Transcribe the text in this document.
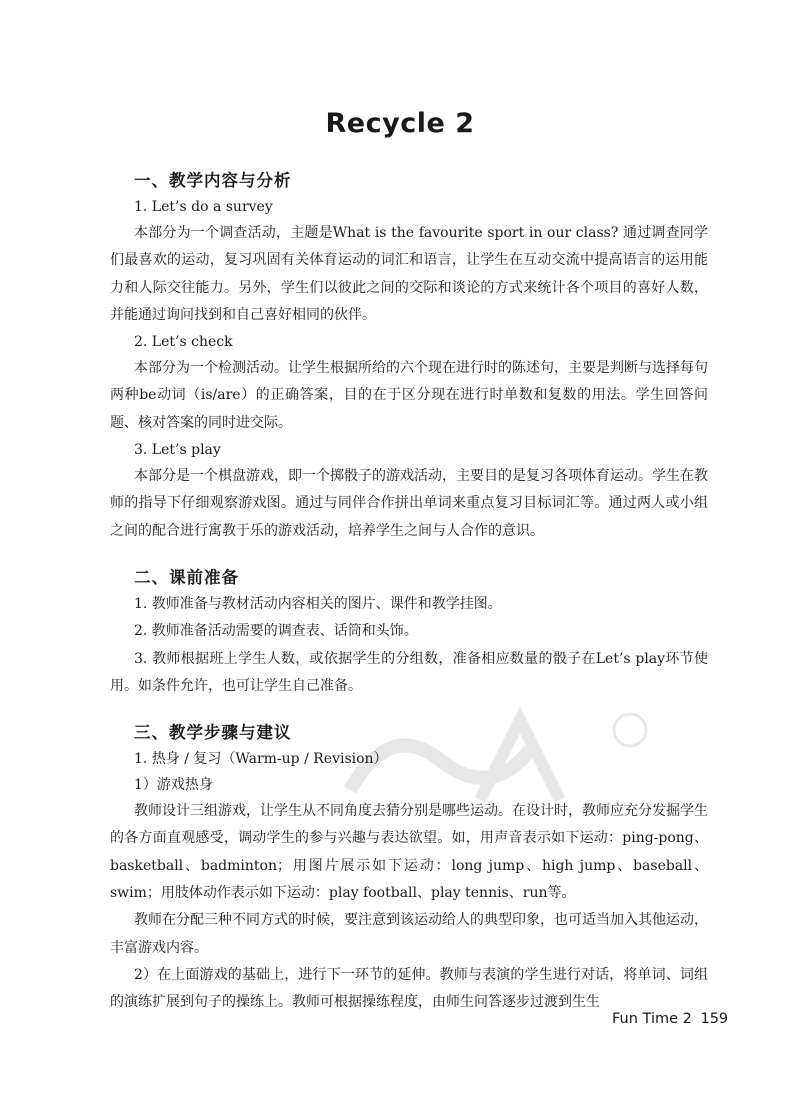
Recycle 2
一、教学内容与分析
1. Let’s do a survey

本部分为一个调查活动，主题是What is the favourite sport in our class? 通过调查同学们最喜欢的运动，复习巩固有关体育运动的词汇和语言，让学生在互动交流中提高语言的运用能力和人际交往能力。另外，学生们以彼此之间的交际和谈论的方式来统计各个项目的喜好人数，并能通过询问找到和自己喜好相同的伙伴。

2. Let’s check

本部分为一个检测活动。让学生根据所给的六个现在进行时的陈述句，主要是判断与选择每句两种be动词（is/are）的正确答案，目的在于区分现在进行时单数和复数的用法。学生回答问题、核对答案的同时进交际。

3. Let’s play

本部分是一个棋盘游戏，即一个掷骰子的游戏活动，主要目的是复习各项体育运动。学生在教师的指导下仔细观察游戏图。通过与同伴合作拼出单词来重点复习目标词汇等。通过两人或小组之间的配合进行寓教于乐的游戏活动，培养学生之间与人合作的意识。

二、课前准备

1. 教师准备与教材活动内容相关的图片、课件和教学挂图。

2. 教师准备活动需要的调查表、话筒和头饰。

3. 教师根据班上学生人数，或依据学生的分组数，准备相应数量的骰子在Let’s play环节使用。如条件允许，也可让学生自己准备。

三、教学步骤与建议
1. 热身 / 复习（Warm-up / Revision）
1）游戏热身

教师设计三组游戏，让学生从不同角度去猜分别是哪些运动。在设计时，教师应充分发掘学生的各方面直观感受，调动学生的参与兴趣与表达欲望。如，用声音表示如下运动：ping-pong、basketball、badminton；用图片展示如下运动：long jump、high jump、baseball、swim；用肢体动作表示如下运动：play football、play tennis、run等。

教师在分配三种不同方式的时候，要注意到该运动给人的典型印象，也可适当加入其他运动，丰富游戏内容。

2）在上面游戏的基础上，进行下一环节的延伸。教师与表演的学生进行对话，将单词、词组的演练扩展到句子的操练上。教师可根据操练程度，由师生问答逐步过渡到生生

Fun Time 2 159
